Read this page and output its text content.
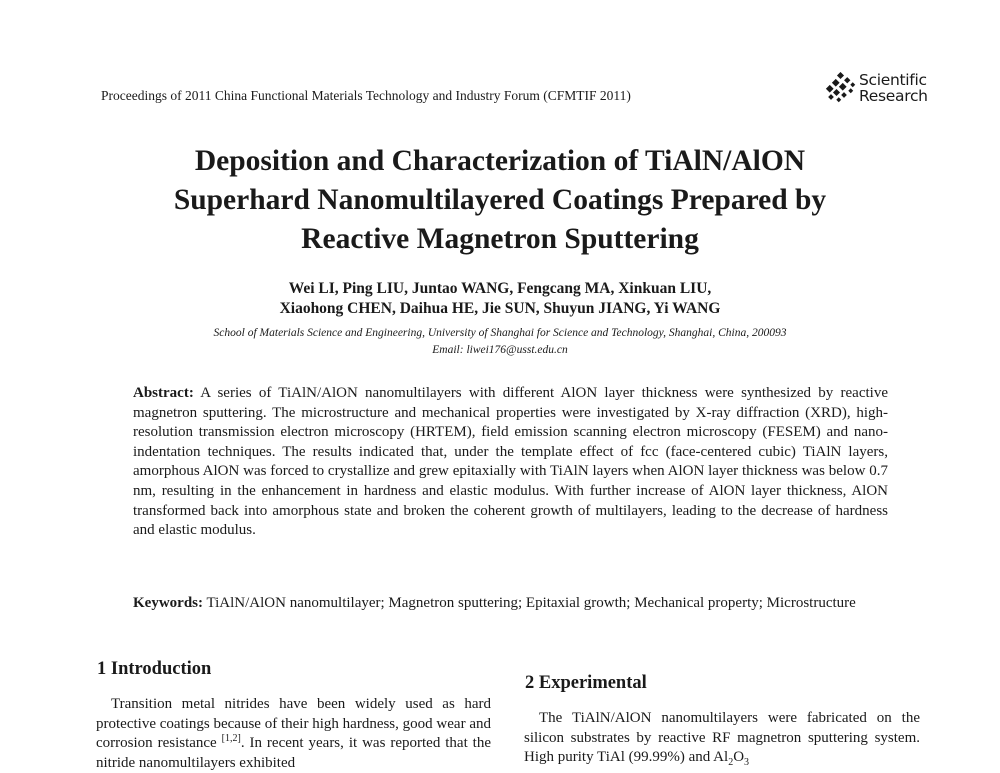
Proceedings of 2011 China Functional Materials Technology and Industry Forum (CFMTIF 2011)
Scientific
Research
Deposition and Characterization of TiAlN/AlON
Superhard Nanomultilayered Coatings Prepared by
Reactive Magnetron Sputtering
Wei LI, Ping LIU, Juntao WANG, Fengcang MA, Xinkuan LIU,
Xiaohong CHEN, Daihua HE, Jie SUN, Shuyun JIANG, Yi WANG
School of Materials Science and Engineering, University of Shanghai for Science and Technology, Shanghai, China, 200093
Email: liwei176@usst.edu.cn

Abstract: A series of TiAlN/AlON nanomultilayers with different AlON layer thickness were synthesized by reactive magnetron sputtering. The microstructure and mechanical properties were investigated by X-ray diffraction (XRD), high-resolution transmission electron microscopy (HRTEM), field emission scanning electron microscopy (FESEM) and nano-indentation techniques. The results indicated that, under the template effect of fcc (face-centered cubic) TiAlN layers, amorphous AlON was forced to crystallize and grew epitaxially with TiAlN layers when AlON layer thickness was below 0.7 nm, resulting in the enhancement in hardness and elastic modulus. With further increase of AlON layer thickness, AlON transformed back into amorphous state and broken the coherent growth of multilayers, leading to the decrease of hardness and elastic modulus.

Keywords: TiAlN/AlON nanomultilayer; Magnetron sputtering; Epitaxial growth; Mechanical property; Microstructure

1 Introduction

 Transition metal nitrides have been widely used as hard protective coatings because of their high hardness, good wear and corrosion resistance [1,2]. In recent years, it was reported that the nitride nanomultilayers exhibited

2 Experimental

 The TiAlN/AlON nanomultilayers were fabricated on the silicon substrates by reactive RF magnetron sputtering system. High purity TiAl (99.99%) and $Al_2O_3$
